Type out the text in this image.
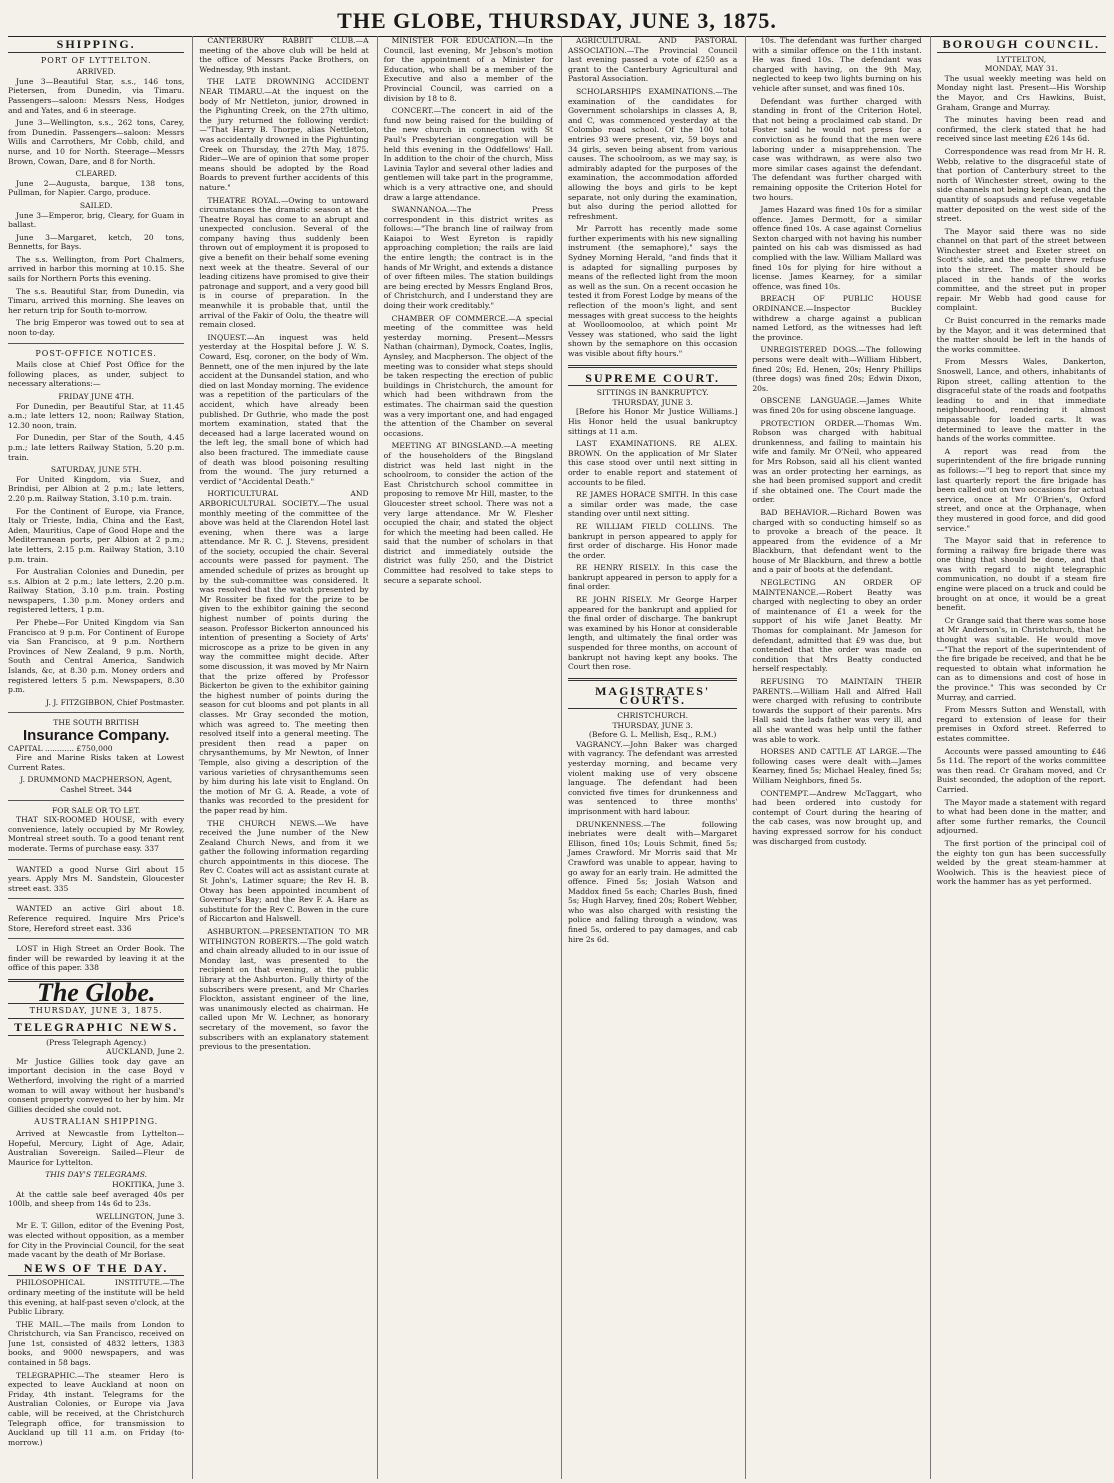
THE GLOBE, THURSDAY, JUNE 3, 1875.
SHIPPING.
PORT OF LYTTELTON.
ARRIVED.

June 3—Beautiful Star, s.s., 146 tons, Pietersen, from Dunedin, via Timaru. Passengers—saloon: Messrs Ness, Hodges and and Yates, and 6 in steerage.

June 3—Wellington, s.s., 262 tons, Carey, from Dunedin. Passengers—saloon: Messrs Wills and Carrothers, Mr Cobb, child, and nurse, and 10 for North. Steerage—Messrs Brown, Cowan, Dare, and 8 for North.

CLEARED.

June 2—Augusta, barque, 138 tons, Pullman, for Napier. Cargo, produce.

SAILED.

June 3—Emperor, brig, Cleary, for Guam in ballast.

June 3—Margaret, ketch, 20 tons, Bennetts, for Bays.

The s.s. Wellington, from Port Chalmers, arrived in harbor this morning at 10.15. She sails for Northern Ports this evening.

The s.s. Beautiful Star, from Dunedin, via Timaru, arrived this morning. She leaves on her return trip for South to-morrow.

The brig Emperor was towed out to sea at noon to-day.

POST-OFFICE NOTICES.

Mails close at Chief Post Office for the following places, as under, subject to necessary alterations:—

FRIDAY JUNE 4TH.

For Dunedin, per Beautiful Star, at 11.45 a.m.; late letters 12, noon; Railway Station, 12.30 noon, train.

For Dunedin, per Star of the South, 4.45 p.m.; late letters Railway Station, 5.20 p.m. train.

SATURDAY, JUNE 5TH.

For United Kingdom, via Suez, and Brindisi, per Albion at 2 p.m.; late letters, 2.20 p.m. Railway Station, 3.10 p.m. train.

For the Continent of Europe, via France, Italy or Trieste, India, China and the East, Aden, Mauritius, Cape of Good Hope and the Mediterranean ports, per Albion at 2 p.m.; late letters, 2.15 p.m. Railway Station, 3.10 p.m. train.

For Australian Colonies and Dunedin, per s.s. Albion at 2 p.m.; late letters, 2.20 p.m. Railway Station, 3.10 p.m. train. Posting newspapers, 1.30 p.m. Money orders and registered letters, 1 p.m.

Per Phebe—For United Kingdom via San Francisco at 9 p.m. For Continent of Europe via San Francisco, at 9 p.m. Northern Provinces of New Zealand, 9 p.m. North, South and Central America, Sandwich Islands, &c, at 8.30 p.m. Money orders and registered letters 5 p.m. Newspapers, 8.30 p.m.

J. J. FITZGIBBON, Chief Postmaster.
THE SOUTH BRITISH
Insurance Company.
CAPITAL ............ £750,000

Fire and Marine Risks taken at Lowest Current Rates.

J. DRUMMOND MACPHERSON, Agent, Cashel Street. 344
FOR SALE OR TO LET.

THAT SIX-ROOMED HOUSE, with every convenience, lately occupied by Mr Rowley, Montreal street south. To a good tenant rent moderate. Terms of purchase easy. 337

WANTED a good Nurse Girl about 15 years. Apply Mrs M. Sandstein, Gloucester street east. 335

WANTED an active Girl about 18. Reference required. Inquire Mrs Price's Store, Hereford street east. 336

LOST in High Street an Order Book. The finder will be rewarded by leaving it at the office of this paper. 338

The Globe.
THURSDAY, JUNE 3, 1875.
TELEGRAPHIC NEWS.
(Press Telegraph Agency.)
AUCKLAND, June 2.

Mr Justice Gillies took day gave an important decision in the case Boyd v Wetherford, involving the right of a married woman to will away without her husband's consent property conveyed to her by him. Mr Gillies decided she could not.

AUSTRALIAN SHIPPING.

Arrived at Newcastle from Lyttelton—Hopeful, Mercury, Light of Age, Adair, Australian Sovereign. Sailed—Fleur de Maurice for Lyttelton.

THIS DAY'S TELEGRAMS.
HOKITIKA, June 3.

At the cattle sale beef averaged 40s per 100lb, and sheep from 14s 6d to 23s.

WELLINGTON, June 3.

Mr E. T. Gillon, editor of the Evening Post, was elected without opposition, as a member for City in the Provincial Council, for the seat made vacant by the death of Mr Borlase.

NEWS OF THE DAY.

PHILOSOPHICAL INSTITUTE.—The ordinary meeting of the institute will be held this evening, at half-past seven o'clock, at the Public Library.

THE MAIL.—The mails from London to Christchurch, via San Francisco, received on June 1st, consisted of 4832 letters, 1383 books, and 9000 newspapers, and was contained in 58 bags.

TELEGRAPHIC.—The steamer Hero is expected to leave Auckland at noon on Friday, 4th instant. Telegrams for the Australian Colonies, or Europe via Java cable, will be received, at the Christchurch Telegraph office, for transmission to Auckland up till 11 a.m. on Friday (to-morrow.)

CANTERBURY RABBIT CLUB.—A meeting of the above club will be held at the office of Messrs Packe Brothers, on Wednesday, 9th instant.

THE LATE DROWNING ACCIDENT NEAR TIMARU.—At the inquest on the body of Mr Nettleton, junior, drowned in the Pighunting Creek, on the 27th ultimo, the jury returned the following verdict:—"That Harry B. Thorpe, alias Nettleton, was accidentally drowned in the Pighunting Creek on Thursday, the 27th May, 1875. Rider—We are of opinion that some proper means should be adopted by the Road Boards to prevent further accidents of this nature."

THEATRE ROYAL.—Owing to untoward circumstances the dramatic season at the Theatre Royal has come to an abrupt and unexpected conclusion. Several of the company having thus suddenly been thrown out of employment it is proposed to give a benefit on their behalf some evening next week at the theatre. Several of our leading citizens have promised to give their patronage and support, and a very good bill is in course of preparation. In the meanwhile it is probable that, until the arrival of the Fakir of Oolu, the theatre will remain closed.

INQUEST.—An inquest was held yesterday at the Hospital before J. W. S. Coward, Esq, coroner, on the body of Wm. Bennett, one of the men injured by the late accident at the Dunsandel station, and who died on last Monday morning. The evidence was a repetition of the particulars of the accident, which have already been published. Dr Guthrie, who made the post mortem examination, stated that the deceased had a large lacerated wound on the left leg, the small bone of which had also been fractured. The immediate cause of death was blood poisoning resulting from the wound. The jury returned a verdict of "Accidental Death."

HORTICULTURAL AND ARBORICULTURAL SOCIETY.—The usual monthly meeting of the committee of the above was held at the Clarendon Hotel last evening, when there was a large attendance. Mr R. C. J. Stevens, president of the society, occupied the chair. Several accounts were passed for payment. The amended schedule of prizes as brought up by the sub-committee was considered. It was resolved that the watch presented by Mr Rossiter be fixed for the prize to be given to the exhibitor gaining the second highest number of points during the season. Professor Bickerton announced his intention of presenting a Society of Arts' microscope as a prize to be given in any way the committee might decide. After some discussion, it was moved by Mr Nairn that the prize offered by Professor Bickerton be given to the exhibitor gaining the highest number of points during the season for cut blooms and pot plants in all classes. Mr Gray seconded the motion, which was agreed to. The meeting then resolved itself into a general meeting. The president then read a paper on chrysanthemums, by Mr Newton, of Inner Temple, also giving a description of the various varieties of chrysanthemums seen by him during his late visit to England. On the motion of Mr G. A. Reade, a vote of thanks was recorded to the president for the paper read by him.

THE CHURCH NEWS.—We have received the June number of the New Zealand Church News, and from it we gather the following information regarding church appointments in this diocese. The Rev C. Coates will act as assistant curate at St John's, Latimer square; the Rev H. B. Otway has been appointed incumbent of Governor's Bay; and the Rev F. A. Hare as substitute for the Rev C. Bowen in the cure of Riccarton and Halswell.

ASHBURTON.—PRESENTATION TO MR WITHINGTON ROBERTS.—The gold watch and chain already alluded to in our issue of Monday last, was presented to the recipient on that evening, at the public library at the Ashburton. Fully thirty of the subscribers were present, and Mr Charles Flockton, assistant engineer of the line, was unanimously elected as chairman. He called upon Mr W. Lechner, as honorary secretary of the movement, so favor the subscribers with an explanatory statement previous to the presentation.

MINISTER FOR EDUCATION.—In the Council, last evening, Mr Jebson's motion for the appointment of a Minister for Education, who shall be a member of the Executive and also a member of the Provincial Council, was carried on a division by 18 to 8.

CONCERT.—The concert in aid of the fund now being raised for the building of the new church in connection with St Paul's Presbyterian congregation will be held this evening in the Oddfellows' Hall. In addition to the choir of the church, Miss Lavinia Taylor and several other ladies and gentlemen will take part in the programme, which is a very attractive one, and should draw a large attendance.

SWANNANOA.—The Press correspondent in this district writes as follows:—"The branch line of railway from Kaiapoi to West Eyreton is rapidly approaching completion; the rails are laid the entire length; the contract is in the hands of Mr Wright, and extends a distance of over fifteen miles. The station buildings are being erected by Messrs England Bros, of Christchurch, and I understand they are doing their work creditably."

CHAMBER OF COMMERCE.—A special meeting of the committee was held yesterday morning. Present—Messrs Nathan (chairman), Dymock, Coates, Inglis, Aynsley, and Macpherson. The object of the meeting was to consider what steps should be taken respecting the erection of public buildings in Christchurch, the amount for which had been withdrawn from the estimates. The chairman said the question was a very important one, and had engaged the attention of the Chamber on several occasions.

MEETING AT BINGSLAND.—A meeting of the householders of the Bingsland district was held last night in the schoolroom, to consider the action of the East Christchurch school committee in proposing to remove Mr Hill, master, to the Gloucester street school. There was not a very large attendance. Mr W. Flesher occupied the chair, and stated the object for which the meeting had been called. He said that the number of scholars in that district and immediately outside the district was fully 250, and the District Committee had resolved to take steps to secure a separate school.

AGRICULTURAL AND PASTORAL ASSOCIATION.—The Provincial Council last evening passed a vote of £250 as a grant to the Canterbury Agricultural and Pastoral Association.

SCHOLARSHIPS EXAMINATIONS.—The examination of the candidates for Government scholarships in classes A, B, and C, was commenced yesterday at the Colombo road school. Of the 100 total entries 93 were present, viz, 59 boys and 34 girls, seven being absent from various causes. The schoolroom, as we may say, is admirably adapted for the purposes of the examination, the accommodation afforded allowing the boys and girls to be kept separate, not only during the examination, but also during the period allotted for refreshment.

Mr Parrott has recently made some further experiments with his new signalling instrument (the semaphore)," says the Sydney Morning Herald, "and finds that it is adapted for signalling purposes by means of the reflected light from the moon as well as the sun. On a recent occasion he tested it from Forest Lodge by means of the reflection of the moon's light, and sent messages with great success to the heights at Woolloomooloo, at which point Mr Vessey was stationed, who said the light shown by the semaphore on this occasion was visible about fifty hours."

SUPREME COURT.
SITTINGS IN BANKRUPTCY.
THURSDAY, JUNE 3.

[Before his Honor Mr Justice Williams.] His Honor held the usual bankruptcy sittings at 11 a.m.

LAST EXAMINATIONS. RE ALEX. BROWN. On the application of Mr Slater this case stood over until next sitting in order to enable report and statement of accounts to be filed.

RE JAMES HORACE SMITH. In this case a similar order was made, the case standing over until next sitting.

RE WILLIAM FIELD COLLINS. The bankrupt in person appeared to apply for first order of discharge. His Honor made the order.

RE HENRY RISELY. In this case the bankrupt appeared in person to apply for a final order.

RE JOHN RISELY. Mr George Harper appeared for the bankrupt and applied for the final order of discharge. The bankrupt was examined by his Honor at considerable length, and ultimately the final order was suspended for three months, on account of bankrupt not having kept any books. The Court then rose.

MAGISTRATES' COURTS.
CHRISTCHURCH.
THURSDAY, JUNE 3.
(Before G. L. Mellish, Esq., R.M.)

VAGRANCY.—John Baker was charged with vagrancy. The defendant was arrested yesterday morning, and became very violent making use of very obscene language. The defendant had been convicted five times for drunkenness and was sentenced to three months' imprisonment with hard labour.

DRUNKENNESS.—The following inebriates were dealt with—Margaret Ellison, fined 10s; Louis Schmit, fined 5s; James Crawford. Mr Morris said that Mr Crawford was unable to appear, having to go away for an early train. He admitted the offence. Fined 5s; Josiah Watson and Maddox fined 5s each; Charles Bush, fined 5s; Hugh Harvey, fined 20s; Robert Webber, who was also charged with resisting the police and falling through a window, was fined 5s, ordered to pay damages, and cab hire 2s 6d.

10s. The defendant was further charged with a similar offence on the 11th instant. He was fined 10s. The defendant was charged with having, on the 9th May, neglected to keep two lights burning on his vehicle after sunset, and was fined 10s.

Defendant was further charged with standing in front of the Criterion Hotel, that not being a proclaimed cab stand. Dr Foster said he would not press for a conviction as he found that the men were laboring under a misapprehension. The case was withdrawn, as were also two more similar cases against the defendant. The defendant was further charged with remaining opposite the Criterion Hotel for two hours.

James Hazard was fined 10s for a similar offence. James Dermott, for a similar offence fined 10s. A case against Cornelius Sexton charged with not having his number painted on his cab was dismissed as had complied with the law. William Mallard was fined 10s for plying for hire without a license. James Kearney, for a similar offence, was fined 10s.

BREACH OF PUBLIC HOUSE ORDINANCE.—Inspector Buckley withdrew a charge against a publican named Letford, as the witnesses had left the province.

UNREGISTERED DOGS.—The following persons were dealt with—William Hibbert, fined 20s; Ed. Henen, 20s; Henry Phillips (three dogs) was fined 20s; Edwin Dixon, 20s.

OBSCENE LANGUAGE.—James White was fined 20s for using obscene language.

PROTECTION ORDER.—Thomas Wm. Robson was charged with habitual drunkenness, and failing to maintain his wife and family. Mr O'Neil, who appeared for Mrs Robson, said all his client wanted was an order protecting her earnings, as she had been promised support and credit if she obtained one. The Court made the order.

BAD BEHAVIOR.—Richard Bowen was charged with so conducting himself so as to provoke a breach of the peace. It appeared from the evidence of a Mr Blackburn, that defendant went to the house of Mr Blackburn, and threw a bottle and a pair of boots at the defendant.

NEGLECTING AN ORDER OF MAINTENANCE.—Robert Beatty was charged with neglecting to obey an order of maintenance of £1 a week for the support of his wife Janet Beatty. Mr Thomas for complainant. Mr Jameson for defendant, admitted that £9 was due, but contended that the order was made on condition that Mrs Beatty conducted herself respectably.

REFUSING TO MAINTAIN THEIR PARENTS.—William Hall and Alfred Hall were charged with refusing to contribute towards the support of their parents. Mrs Hall said the lads father was very ill, and all she wanted was help until the father was able to work.

HORSES AND CATTLE AT LARGE.—The following cases were dealt with—James Kearney, fined 5s; Michael Healey, fined 5s; William Neighbors, fined 5s.

CONTEMPT.—Andrew McTaggart, who had been ordered into custody for contempt of Court during the hearing of the cab cases, was now brought up, and having expressed sorrow for his conduct was discharged from custody.

BOROUGH COUNCIL.
LYTTELTON,
MONDAY, MAY 31.

The usual weekly meeting was held on Monday night last. Present—His Worship the Mayor, and Crs Hawkins, Buist, Graham, Grange and Murray.

The minutes having been read and confirmed, the clerk stated that he had received since last meeting £26 14s 6d.

Correspondence was read from Mr H. R. Webb, relative to the disgraceful state of that portion of Canterbury street to the north of Winchester street, owing to the side channels not being kept clean, and the quantity of soapsuds and refuse vegetable matter deposited on the west side of the street.

The Mayor said there was no side channel on that part of the street between Winchester street and Exeter street on Scott's side, and the people threw refuse into the street. The matter should be placed in the hands of the works committee, and the street put in proper repair. Mr Webb had good cause for complaint.

Cr Buist concurred in the remarks made by the Mayor, and it was determined that the matter should be left in the hands of the works committee.

From Messrs Wales, Dankerton, Snoswell, Lance, and others, inhabitants of Ripon street, calling attention to the disgraceful state of the roads and footpaths leading to and in that immediate neighbourhood, rendering it almost impassable for loaded carts. It was determined to leave the matter in the hands of the works committee.

A report was read from the superintendent of the fire brigade running as follows:—"I beg to report that since my last quarterly report the fire brigade has been called out on two occasions for actual service, once at Mr O'Brien's, Oxford street, and once at the Orphanage, when they mustered in good force, and did good service."

The Mayor said that in reference to forming a railway fire brigade there was one thing that should be done, and that was with regard to night telegraphic communication, no doubt if a steam fire engine were placed on a truck and could be brought on at once, it would be a great benefit.

Cr Grange said that there was some hose at Mr Anderson's, in Christchurch, that he thought was suitable. He would move—"That the report of the superintendent of the fire brigade be received, and that he be requested to obtain what information he can as to dimensions and cost of hose in the province." This was seconded by Cr Murray, and carried.

From Messrs Sutton and Wenstall, with regard to extension of lease for their premises in Oxford street. Referred to estates committee.

Accounts were passed amounting to £46 5s 11d. The report of the works committee was then read. Cr Graham moved, and Cr Buist seconded, the adoption of the report. Carried.

The Mayor made a statement with regard to what had been done in the matter, and after some further remarks, the Council adjourned.

The first portion of the principal coil of the eighty ton gun has been successfully welded by the great steam-hammer at Woolwich. This is the heaviest piece of work the hammer has as yet performed.
